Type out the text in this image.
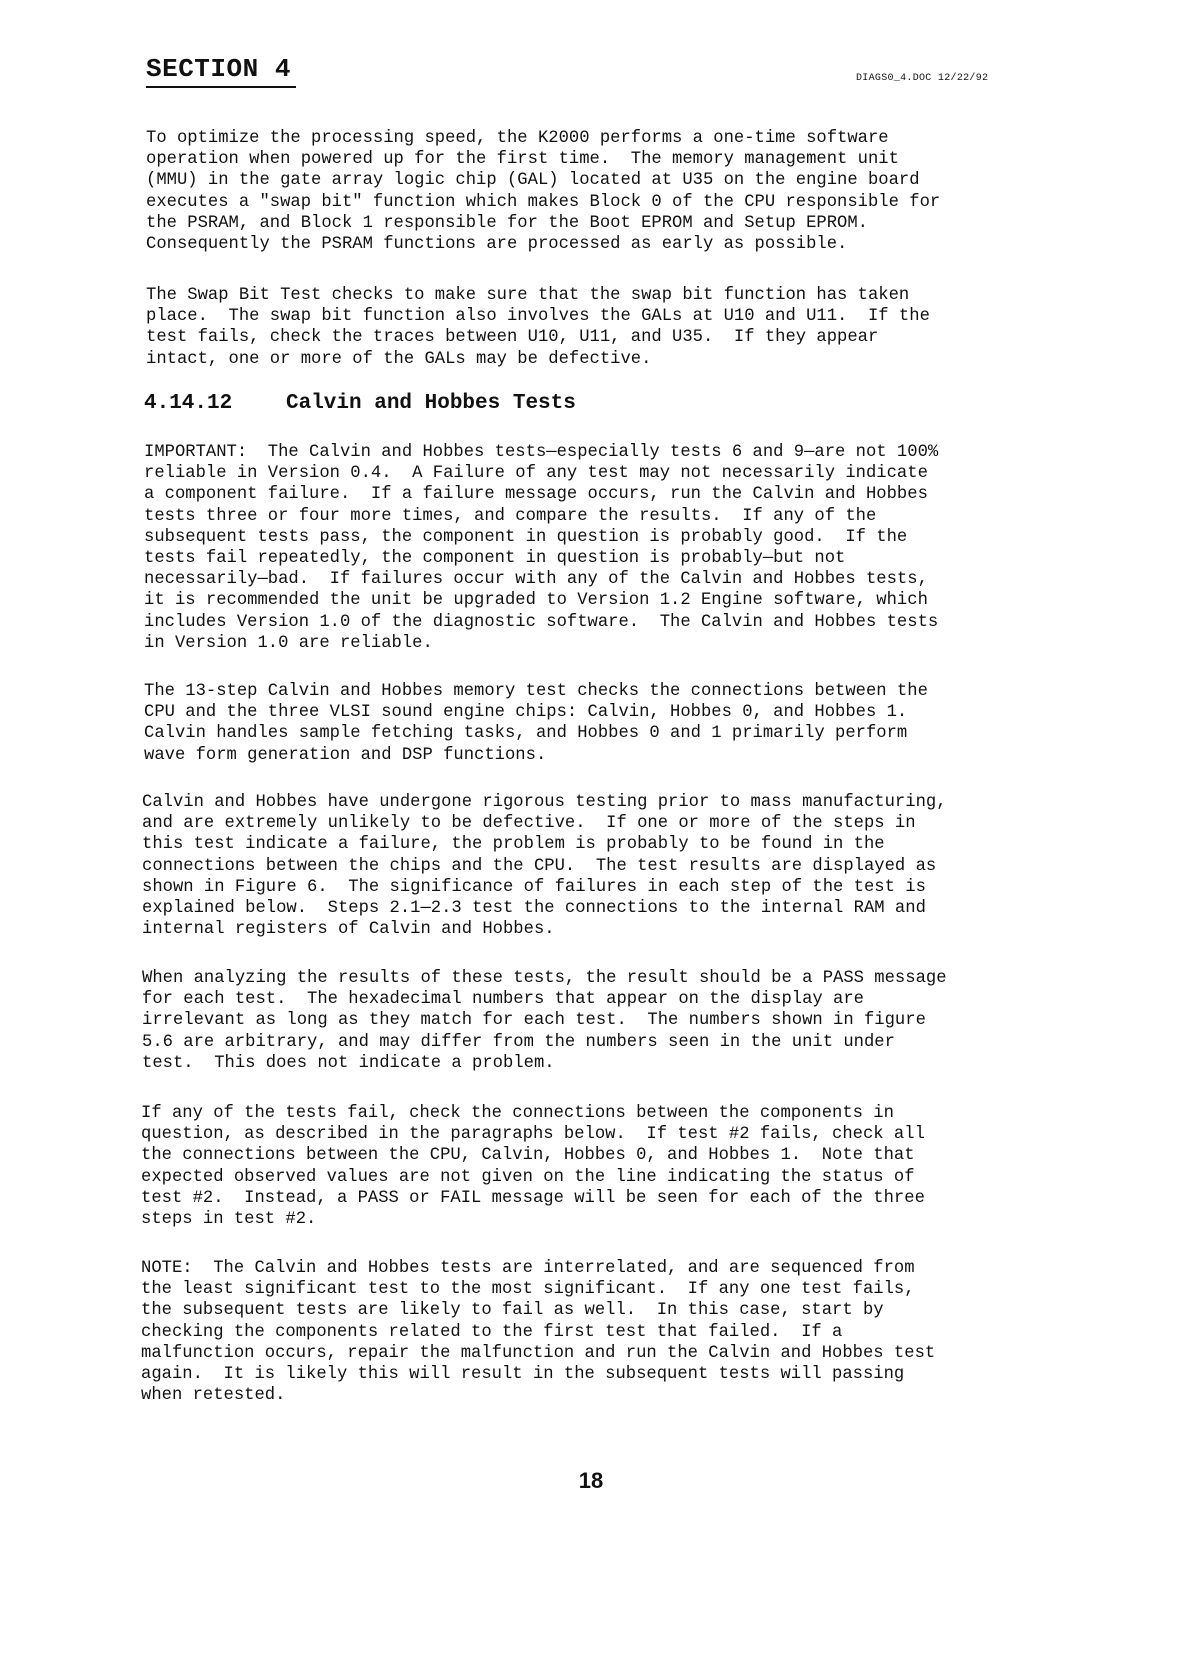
SECTION 4	DIAGS0_4.DOC 12/22/92

To optimize the processing speed, the K2000 performs a one-time software
operation when powered up for the first time.  The memory management unit
(MMU) in the gate array logic chip (GAL) located at U35 on the engine board
executes a "swap bit" function which makes Block 0 of the CPU responsible for
the PSRAM, and Block 1 responsible for the Boot EPROM and Setup EPROM.
Consequently the PSRAM functions are processed as early as possible.

The Swap Bit Test checks to make sure that the swap bit function has taken
place.  The swap bit function also involves the GALs at U10 and U11.  If the
test fails, check the traces between U10, U11, and U35.  If they appear
intact, one or more of the GALs may be defective.

4.14.12	Calvin and Hobbes Tests

IMPORTANT:  The Calvin and Hobbes tests—especially tests 6 and 9—are not 100%
reliable in Version 0.4.  A Failure of any test may not necessarily indicate
a component failure.  If a failure message occurs, run the Calvin and Hobbes
tests three or four more times, and compare the results.  If any of the
subsequent tests pass, the component in question is probably good.  If the
tests fail repeatedly, the component in question is probably—but not
necessarily—bad.  If failures occur with any of the Calvin and Hobbes tests,
it is recommended the unit be upgraded to Version 1.2 Engine software, which
includes Version 1.0 of the diagnostic software.  The Calvin and Hobbes tests
in Version 1.0 are reliable.

The 13-step Calvin and Hobbes memory test checks the connections between the
CPU and the three VLSI sound engine chips: Calvin, Hobbes 0, and Hobbes 1.
Calvin handles sample fetching tasks, and Hobbes 0 and 1 primarily perform
wave form generation and DSP functions.

Calvin and Hobbes have undergone rigorous testing prior to mass manufacturing,
and are extremely unlikely to be defective.  If one or more of the steps in
this test indicate a failure, the problem is probably to be found in the
connections between the chips and the CPU.  The test results are displayed as
shown in Figure 6.  The significance of failures in each step of the test is
explained below.  Steps 2.1—2.3 test the connections to the internal RAM and
internal registers of Calvin and Hobbes.

When analyzing the results of these tests, the result should be a PASS message
for each test.  The hexadecimal numbers that appear on the display are
irrelevant as long as they match for each test.  The numbers shown in figure
5.6 are arbitrary, and may differ from the numbers seen in the unit under
test.  This does not indicate a problem.

If any of the tests fail, check the connections between the components in
question, as described in the paragraphs below.  If test #2 fails, check all
the connections between the CPU, Calvin, Hobbes 0, and Hobbes 1.  Note that
expected observed values are not given on the line indicating the status of
test #2.  Instead, a PASS or FAIL message will be seen for each of the three
steps in test #2.

NOTE:  The Calvin and Hobbes tests are interrelated, and are sequenced from
the least significant test to the most significant.  If any one test fails,
the subsequent tests are likely to fail as well.  In this case, start by
checking the components related to the first test that failed.  If a
malfunction occurs, repair the malfunction and run the Calvin and Hobbes test
again.  It is likely this will result in the subsequent tests will passing
when retested.

18
